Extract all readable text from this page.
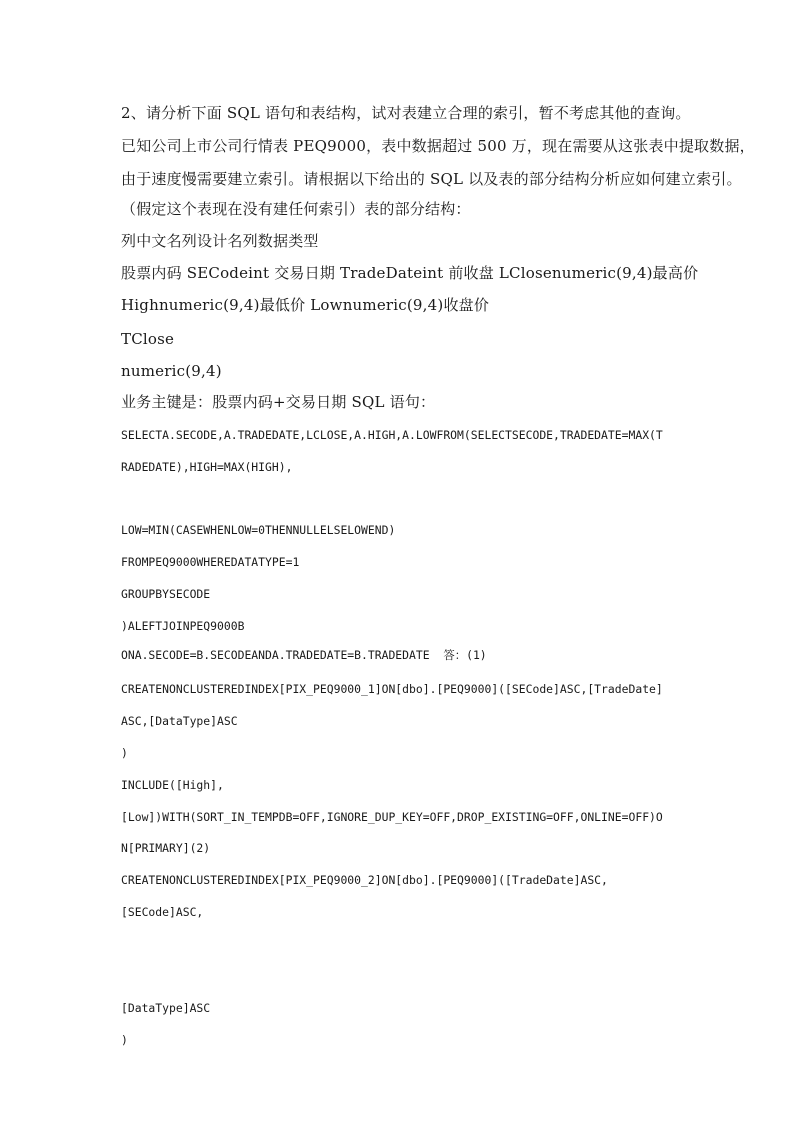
2、请分析下面 SQL 语句和表结构，试对表建立合理的索引，暂不考虑其他的查询。
已知公司上市公司行情表 PEQ9000，表中数据超过 500 万，现在需要从这张表中提取数据，
由于速度慢需要建立索引。请根据以下给出的 SQL 以及表的部分结构分析应如何建立索引。
（假定这个表现在没有建任何索引）表的部分结构：
列中文名列设计名列数据类型
股票内码 SECodeint 交易日期 TradeDateint 前收盘 LClosenumeric(9,4)最高价
Highnumeric(9,4)最低价 Lownumeric(9,4)收盘价
TClose
numeric(9,4)
业务主键是：股票内码+交易日期 SQL 语句：
SELECTA.SECODE,A.TRADEDATE,LCLOSE,A.HIGH,A.LOWFROM(SELECTSECODE,TRADEDATE=MAX(T
RADEDATE),HIGH=MAX(HIGH),
LOW=MIN(CASEWHENLOW=0THENNULLELSELOWEND)
FROMPEQ9000WHEREDATATYPE=1
GROUPBYSECODE
)ALEFTJOINPEQ9000B
ONA.SECODE=B.SECODEANDA.TRADEDATE=B.TRADEDATE  答：(1)
CREATENONCLUSTEREDINDEX[PIX_PEQ9000_1]ON[dbo].[PEQ9000]([SECode]ASC,[TradeDate]
ASC,[DataType]ASC
)
INCLUDE([High],
[Low])WITH(SORT_IN_TEMPDB=OFF,IGNORE_DUP_KEY=OFF,DROP_EXISTING=OFF,ONLINE=OFF)O
N[PRIMARY](2)
CREATENONCLUSTEREDINDEX[PIX_PEQ9000_2]ON[dbo].[PEQ9000]([TradeDate]ASC,
[SECode]ASC,
[DataType]ASC
)
